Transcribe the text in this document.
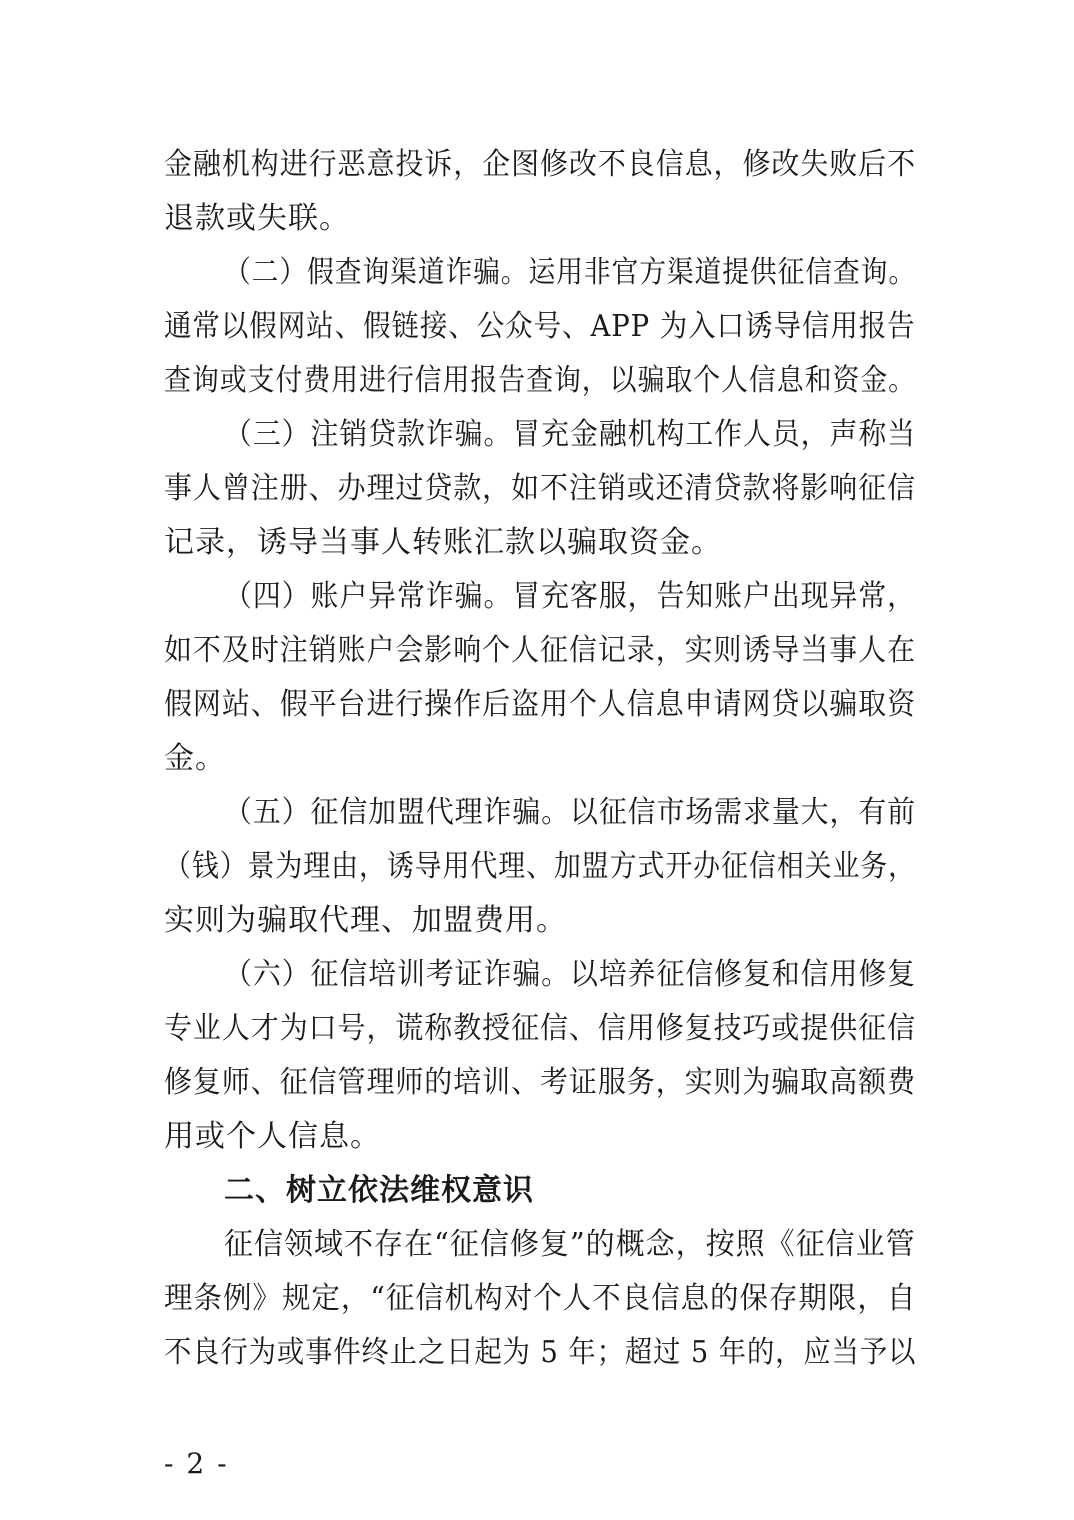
金融机构进行恶意投诉，企图修改不良信息，修改失败后不
退款或失联。
（二）假查询渠道诈骗。运用非官方渠道提供征信查询。
通常以假网站、假链接、公众号、APP 为入口诱导信用报告
查询或支付费用进行信用报告查询，以骗取个人信息和资金。
（三）注销贷款诈骗。冒充金融机构工作人员，声称当
事人曾注册、办理过贷款，如不注销或还清贷款将影响征信
记录，诱导当事人转账汇款以骗取资金。
（四）账户异常诈骗。冒充客服，告知账户出现异常，
如不及时注销账户会影响个人征信记录，实则诱导当事人在
假网站、假平台进行操作后盗用个人信息申请网贷以骗取资
金。
（五）征信加盟代理诈骗。以征信市场需求量大，有前
（钱）景为理由，诱导用代理、加盟方式开办征信相关业务，
实则为骗取代理、加盟费用。
（六）征信培训考证诈骗。以培养征信修复和信用修复
专业人才为口号，谎称教授征信、信用修复技巧或提供征信
修复师、征信管理师的培训、考证服务，实则为骗取高额费
用或个人信息。
二、树立依法维权意识
征信领域不存在“征信修复”的概念，按照《征信业管
理条例》规定，“征信机构对个人不良信息的保存期限，自
不良行为或事件终止之日起为 5 年；超过 5 年的，应当予以
- 2 -
